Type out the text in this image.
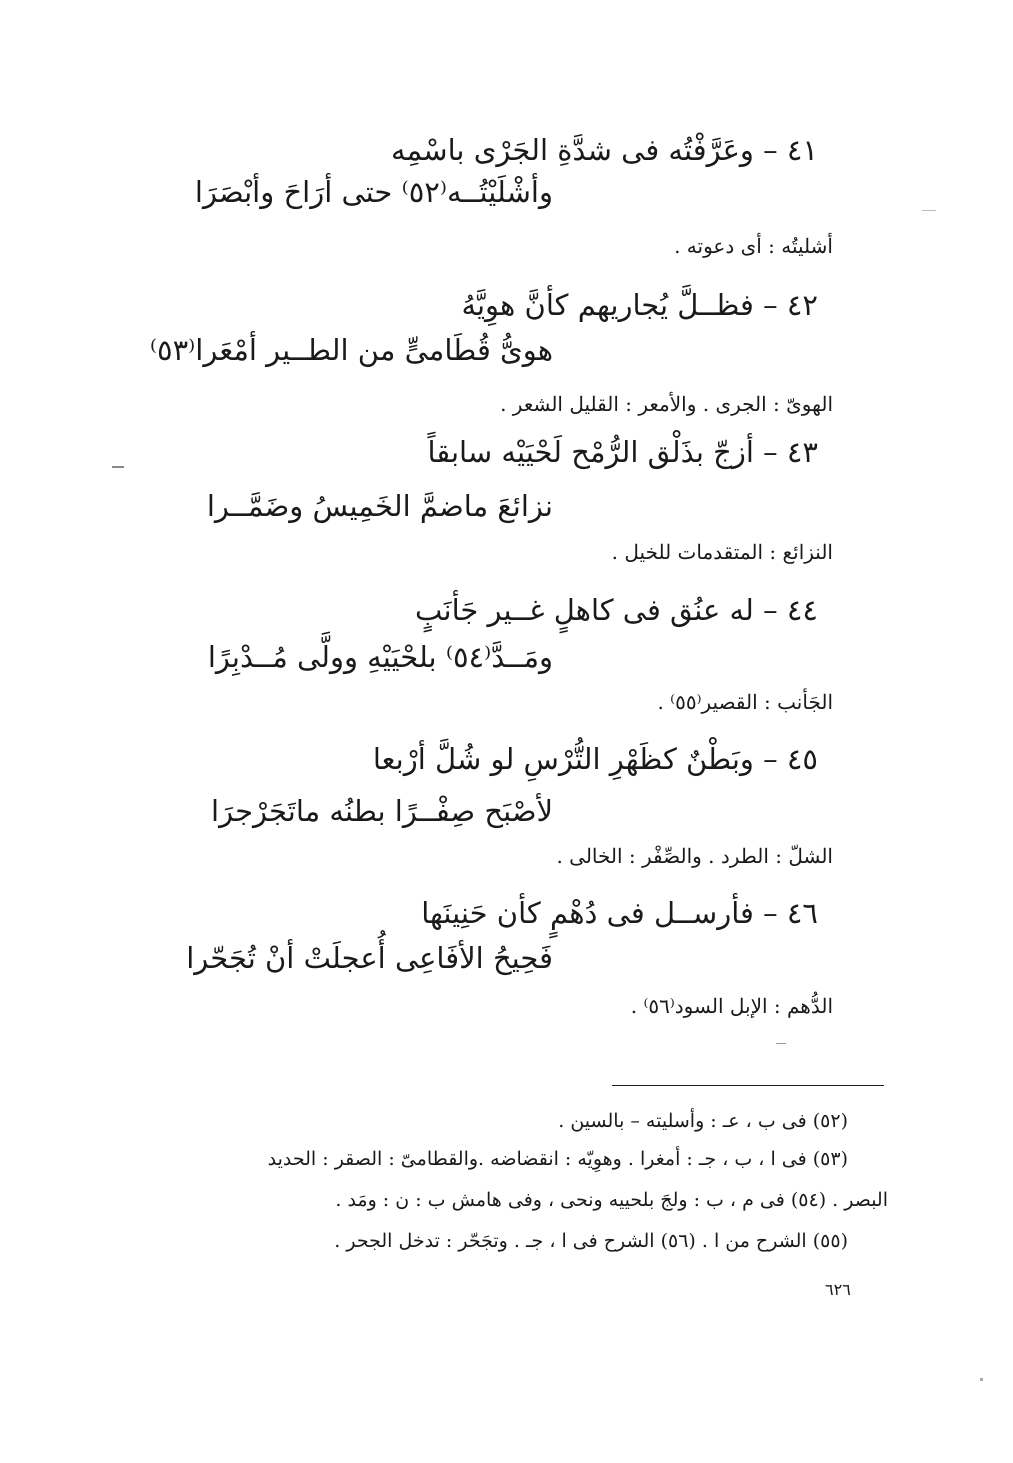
٤١ – وعَرَّفْتُه فى شدَّةِ الجَرْى باسْمِه
وأشْلَيْتُــه⁽٥٢⁾ حتى أرَاحَ وأبْصَرَا
أشليتُه : أى دعوته .
٤٢ – فظــلَّ يُجاريهم كأنَّ هوِيَّهُ
هوىُّ قُطَامىٍّ من الطــير أمْعَرا⁽٥٣⁾
الهوىّ : الجرى . والأمعر : القليل الشعر .
٤٣ – أزجّ بذَلْق الرُّمْح لَحْيَيْه سابقاً
نزائعَ ماضمَّ الخَمِيسُ وضَمَّــرا
النزائع : المتقدمات للخيل .
٤٤ – له عنُق فى كاهلٍ غــير جَأنَبٍ
ومَــدَّ⁽٥٤⁾ بلحْيَيْهِ وولَّى مُــدْبِرًا
الجَأنب : القصير⁽٥٥⁾ .
٤٥ – وبَطْنٌ كظَهْرِ التُّرْسِ لو شُلَّ أرْبعا
لأصْبَح صِفْــرًا بطنُه ماتَجَرْجرَا
الشلّ : الطرد . والصِّفْر : الخالى .
٤٦ – فأرســل فى دُهْمٍ كأن حَنِينَها
فَحِيحُ الأفَاعِى أُعجلَتْ أنْ تُجَحّرا
الدُّهم : الإبل السود⁽٥٦⁾ .
(٥٢) فى ب ، عـ : وأسليته – بالسين .
(٥٣) فى ا ، ب ، جـ : أمغرا . وهوِيّه : انقضاضه .والقطامىّ : الصقر : الحديد
البصر . (٥٤) فى م ، ب : ولجَ بلحييه ونحى ، وفى هامش ب : ن : ومَد .
(٥٥) الشرح من ا . (٥٦) الشرح فى ا ، جـ . وتجَحّر : تدخل الجحر .
٦٢٦
